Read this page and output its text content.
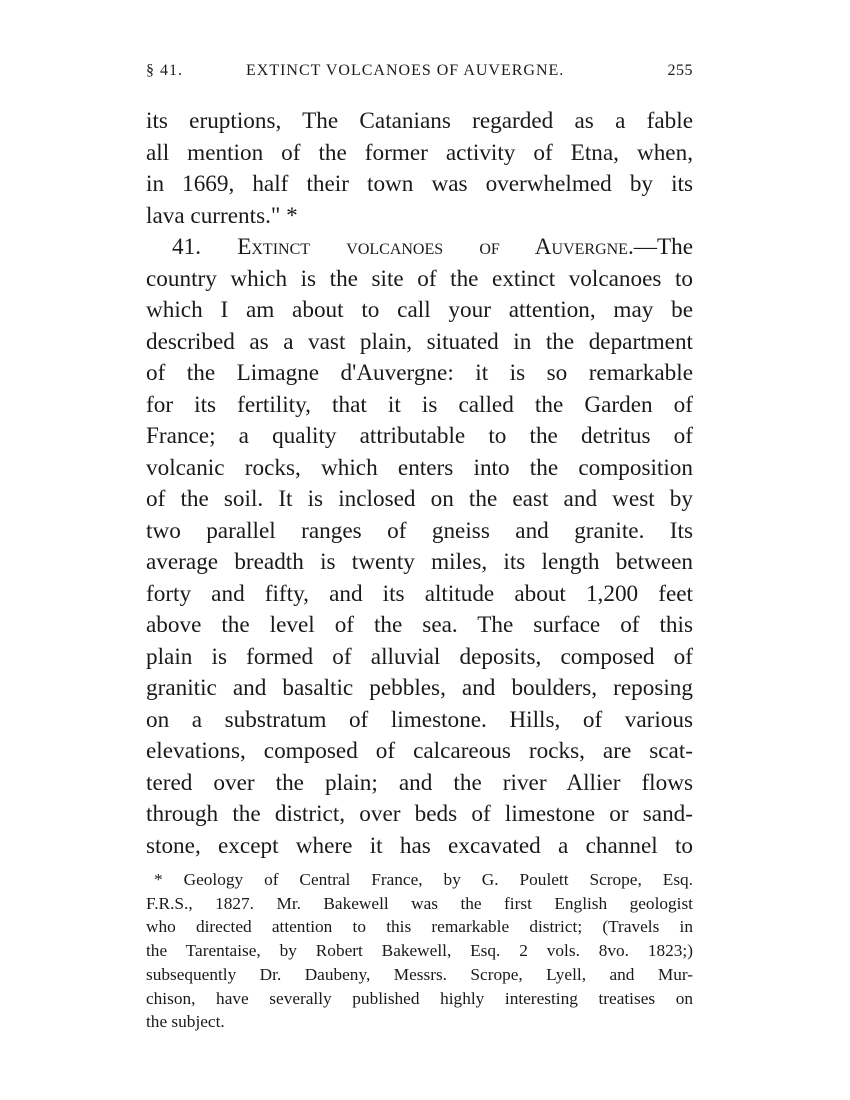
§ 41.	EXTINCT VOLCANOES OF AUVERGNE.	255
its eruptions, The Catanians regarded as a fable
all mention of the former activity of Etna, when,
in 1669, half their town was overwhelmed by its
lava currents." *
41. Extinct volcanoes of Auvergne.—The
country which is the site of the extinct volcanoes to
which I am about to call your attention, may be
described as a vast plain, situated in the department
of the Limagne d'Auvergne: it is so remarkable
for its fertility, that it is called the Garden of
France; a quality attributable to the detritus of
volcanic rocks, which enters into the composition
of the soil. It is inclosed on the east and west by
two parallel ranges of gneiss and granite. Its
average breadth is twenty miles, its length between
forty and fifty, and its altitude about 1,200 feet
above the level of the sea. The surface of this
plain is formed of alluvial deposits, composed of
granitic and basaltic pebbles, and boulders, reposing
on a substratum of limestone. Hills, of various
elevations, composed of calcareous rocks, are scat-
tered over the plain; and the river Allier flows
through the district, over beds of limestone or sand-
stone, except where it has excavated a channel to
* Geology of Central France, by G. Poulett Scrope, Esq.
F.R.S., 1827. Mr. Bakewell was the first English geologist
who directed attention to this remarkable district; (Travels in
the Tarentaise, by Robert Bakewell, Esq. 2 vols. 8vo. 1823;)
subsequently Dr. Daubeny, Messrs. Scrope, Lyell, and Mur-
chison, have severally published highly interesting treatises on
the subject.
